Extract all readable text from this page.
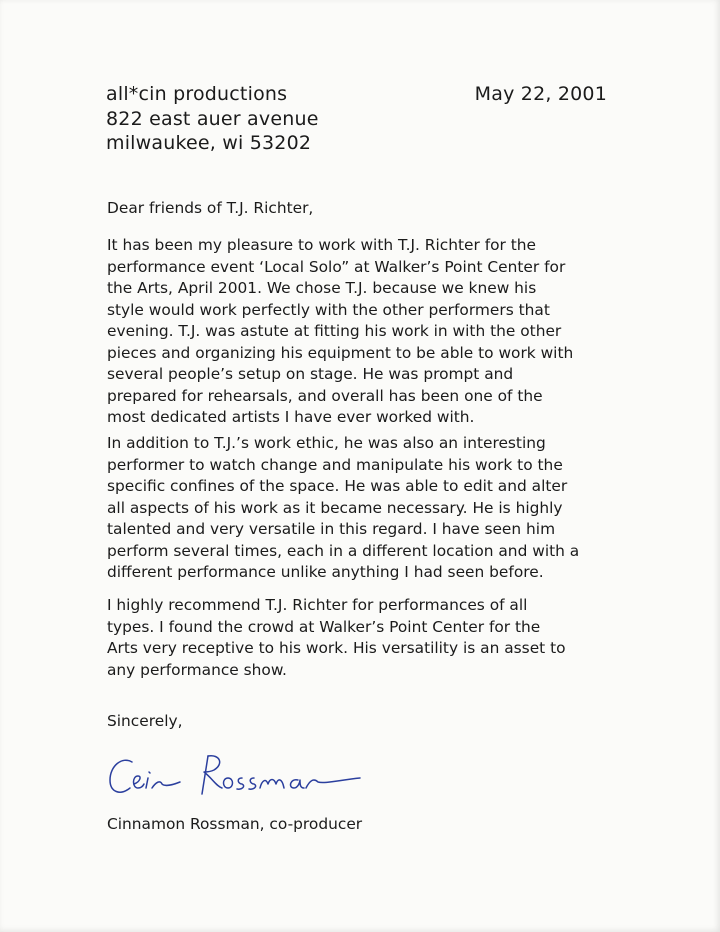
all*cin productions
822 east auer avenue
milwaukee, wi 53202
May 22, 2001
Dear friends of T.J. Richter,
It has been my pleasure to work with T.J. Richter for the
performance event ‘Local Solo” at Walker’s Point Center for
the Arts, April 2001. We chose T.J. because we knew his
style would work perfectly with the other performers that
evening. T.J. was astute at fitting his work in with the other
pieces and organizing his equipment to be able to work with
several people’s setup on stage. He was prompt and
prepared for rehearsals, and overall has been one of the
most dedicated artists I have ever worked with.
In addition to T.J.’s work ethic, he was also an interesting
performer to watch change and manipulate his work to the
specific confines of the space. He was able to edit and alter
all aspects of his work as it became necessary. He is highly
talented and very versatile in this regard. I have seen him
perform several times, each in a different location and with a
different performance unlike anything I had seen before.
I highly recommend T.J. Richter for performances of all
types. I found the crowd at Walker’s Point Center for the
Arts very receptive to his work. His versatility is an asset to
any performance show.
Sincerely,
Cinnamon Rossman, co-producer
